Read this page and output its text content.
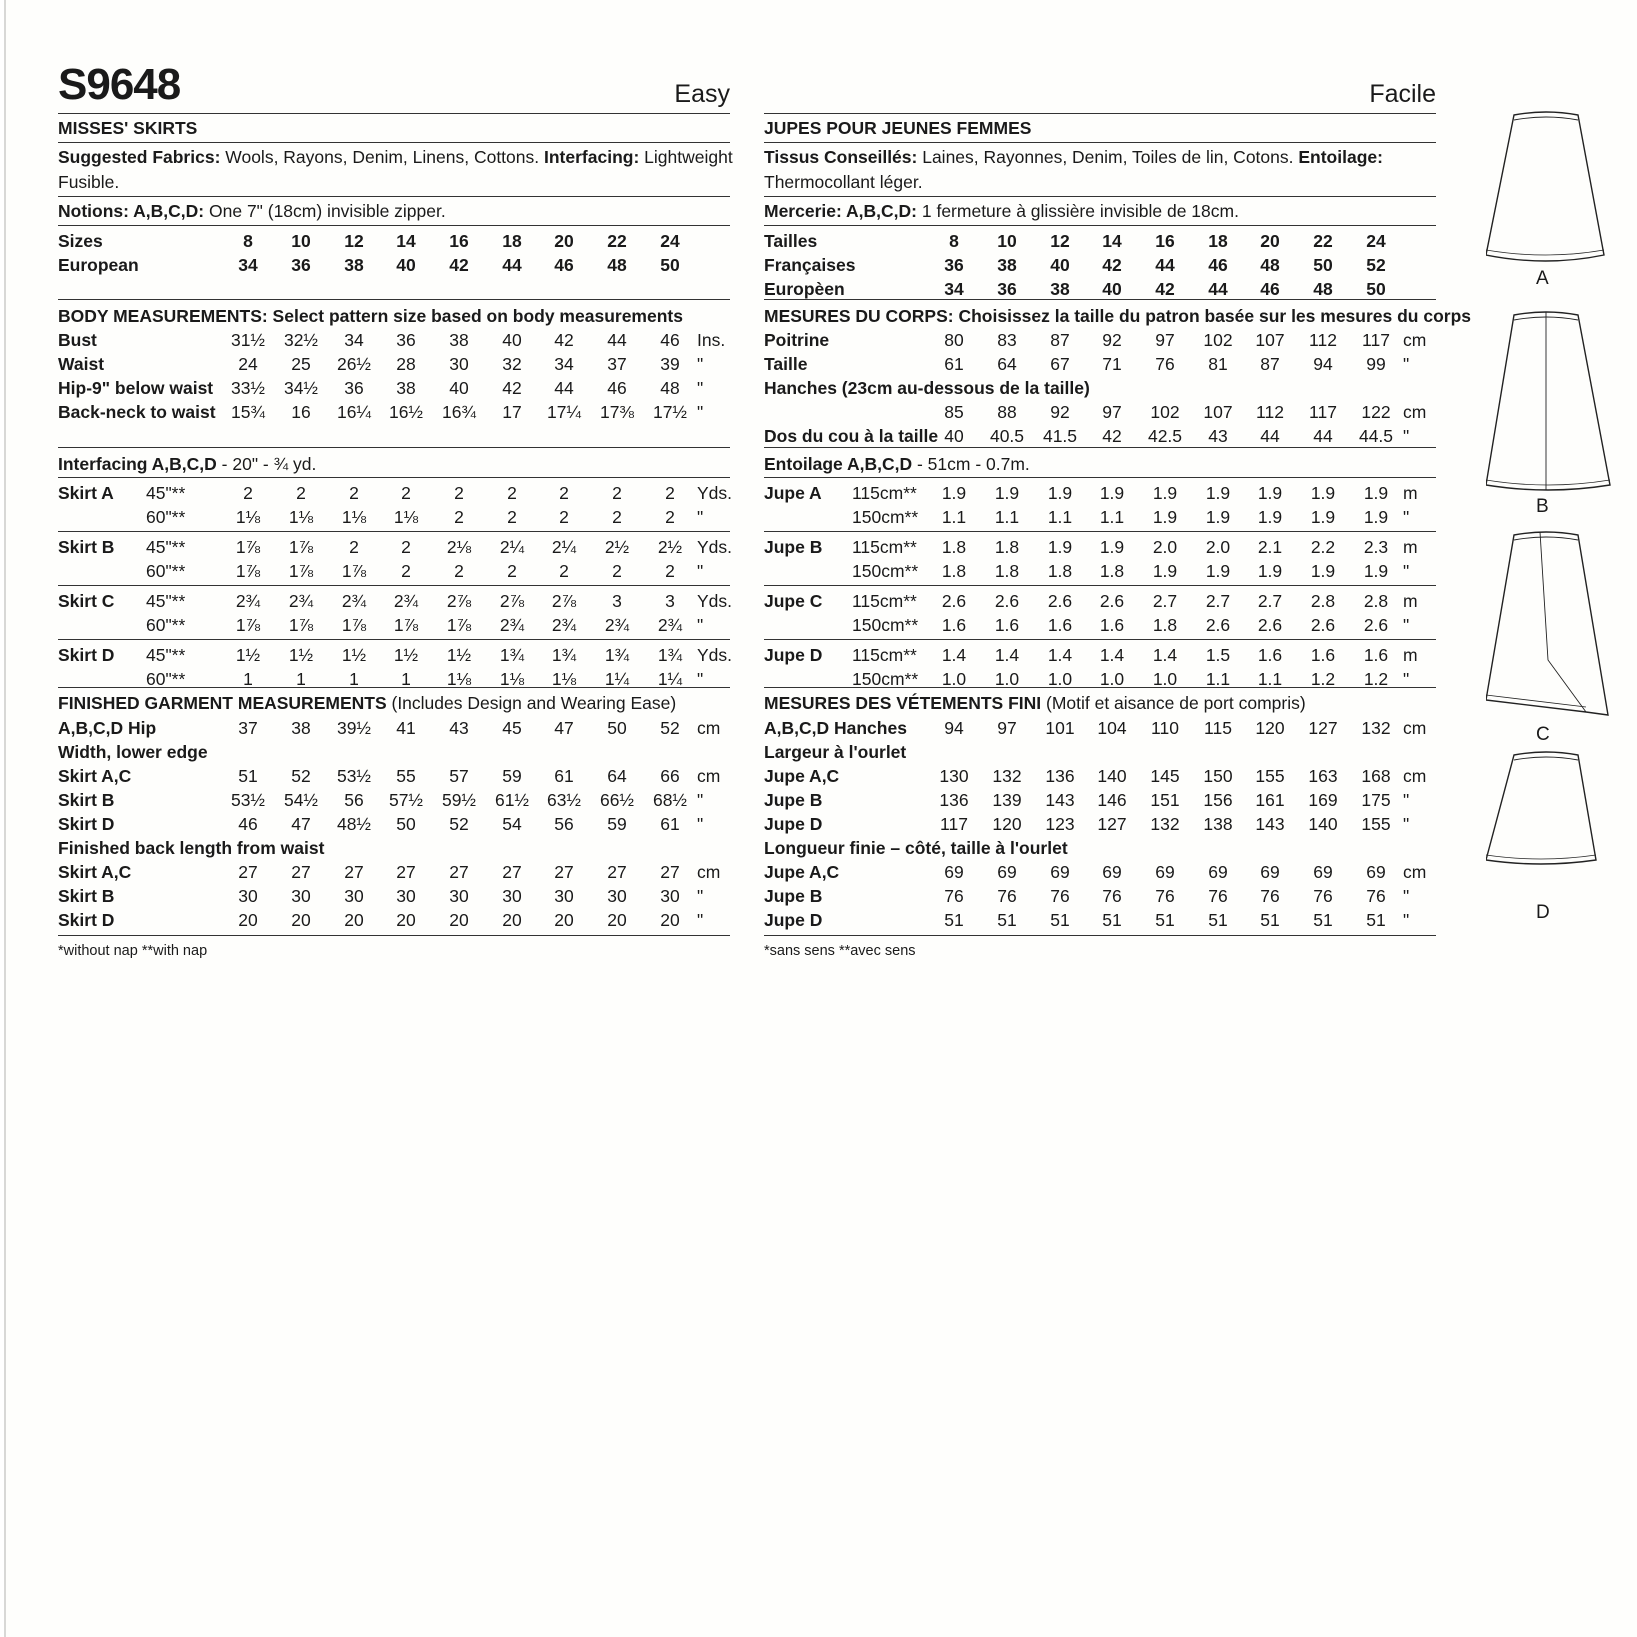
S9648	Easy
MISSES' SKIRTS
Suggested Fabrics: Wools, Rayons, Denim, Linens, Cottons. Interfacing: Lightweight
Fusible.
Notions: A,B,C,D: One 7" (18cm) invisible zipper.
Sizes	8	10	12	14	16	18	20	22	24
European	34	36	38	40	42	44	46	48	50
BODY MEASUREMENTS: Select pattern size based on body measurements
Bust	31½ 32½	34	36	38	40	42	44	46 Ins.
Waist	24	25	26½	28	30	32	34	37	39 "
Hip-9" below waist 33½ 34½	36	38	40	42	44	46	48 "
Back-neck to waist 15¾	16	16¼ 16½ 16¾	17	17¼ 17⅜ 17½ "
Interfacing A,B,C,D - 20" - ¾ yd.
Skirt A 45"**	2	2	2	2	2	2	2	2	2	Yds.
60"**	1⅛	1⅛	1⅛	1⅛	2	2	2	2	2	"
Skirt B 45"**	1⅞	1⅞	2	2	2⅛	2¼	2¼	2½	2½ Yds.
60"**	1⅞	1⅞	1⅞	2	2	2	2	2	2	"
Skirt C 45"**	2¾	2¾	2¾	2¾	2⅞	2⅞	2⅞	3	3	Yds.
60"**	1⅞	1⅞	1⅞	1⅞	1⅞	2¾	2¾	2¾	2¾ "
Skirt D 45"**	1½	1½	1½	1½	1½	1¾	1¾	1¾	1¾ Yds.
60"**	1	1	1	1	1⅛	1⅛	1⅛	1¼	1¼ "
FINISHED GARMENT MEASUREMENTS (Includes Design and Wearing Ease)
A,B,C,D Hip	37	38	39½	41	43	45	47	50	52 cm
Width, lower edge
Skirt A,C	51	52	53½	55	57	59	61	64	66 cm
Skirt B	53½ 54½	56	57½ 59½ 61½ 63½ 66½ 68½ "
Skirt D	46	47	48½	50	52	54	56	59	61 "
Finished back length from waist
Skirt A,C	27	27	27	27	27	27	27	27	27 cm
Skirt B	30	30	30	30	30	30	30	30	30 "
Skirt D	20	20	20	20	20	20	20	20	20 "
*without nap **with nap
Facile
JUPES POUR JEUNES FEMMES
Tissus Conseillés: Laines, Rayonnes, Denim, Toiles de lin, Cotons. Entoilage:
Thermocollant léger.
Mercerie: A,B,C,D: 1 fermeture à glissière invisible de 18cm.
Tailles	8	10	12	14	16	18	20	22	24
Françaises	36	38	40	42	44	46	48	50	52
Europèen	34	36	38	40	42	44	46	48	50
MESURES DU CORPS: Choisissez la taille du patron basée sur les mesures du corps
Poitrine	80	83	87	92	97	102	107	112	117 cm
Taille	61	64	67	71	76	81	87	94	99 "
Hanches (23cm au-dessous de la taille)
85	88	92	97	102	107	112	117	122 cm
Dos du cou à la taille 40	40.5 41.5	42	42.5	43	44	44	44.5 "
Entoilage A,B,C,D - 51cm - 0.7m.
Jupe A 115cm**	1.9	1.9	1.9	1.9	1.9	1.9	1.9	1.9	1.9 m
150cm**	1.1	1.1	1.1	1.1	1.9	1.9	1.9	1.9	1.9 "
Jupe B 115cm**	1.8	1.8	1.9	1.9	2.0	2.0	2.1	2.2	2.3 m
150cm**	1.8	1.8	1.8	1.8	1.9	1.9	1.9	1.9	1.9 "
Jupe C 115cm**	2.6	2.6	2.6	2.6	2.7	2.7	2.7	2.8	2.8 m
150cm**	1.6	1.6	1.6	1.6	1.8	2.6	2.6	2.6	2.6 "
Jupe D 115cm**	1.4	1.4	1.4	1.4	1.4	1.5	1.6	1.6	1.6 m
150cm**	1.0	1.0	1.0	1.0	1.0	1.1	1.1	1.2	1.2 "
MESURES DES VÉTEMENTS FINI (Motif et aisance de port compris)
A,B,C,D Hanches	94	97	101	104	110	115	120	127	132 cm
Largeur à l'ourlet
Jupe A,C	130	132	136	140	145	150	155	163	168 cm
Jupe B	136	139	143	146	151	156	161	169	175 "
Jupe D	117	120	123	127	132	138	143	140	155 "
Longueur finie – côté, taille à l'ourlet
Jupe A,C	69	69	69	69	69	69	69	69	69 cm
Jupe B	76	76	76	76	76	76	76	76	76 "
Jupe D	51	51	51	51	51	51	51	51	51 "
*sans sens **avec sens
A
B
C
D
